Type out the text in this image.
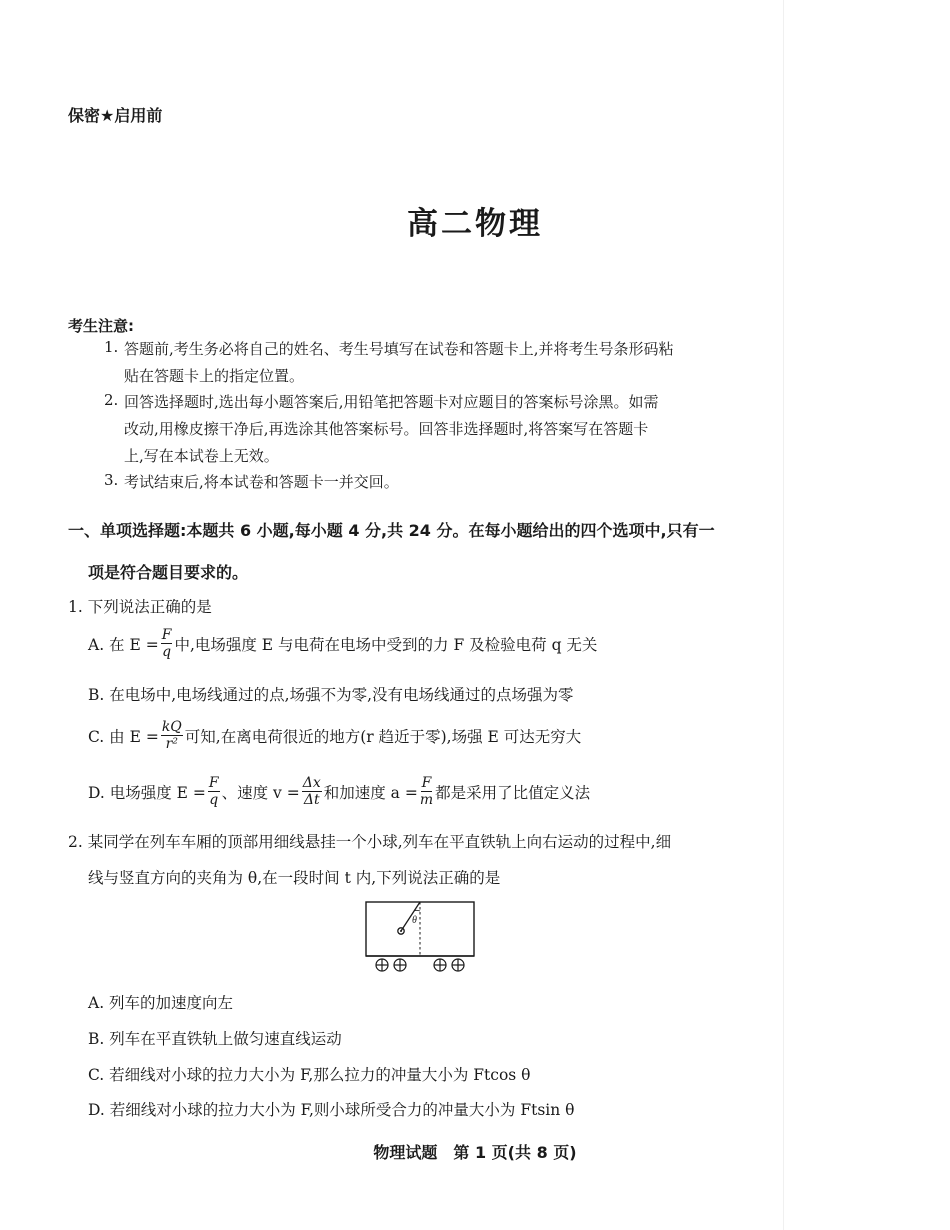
保密★启用前
高二物理
考生注意:
1. 答题前,考生务必将自己的姓名、考生号填写在试卷和答题卡上,并将考生号条形码粘
贴在答题卡上的指定位置。
2. 回答选择题时,选出每小题答案后,用铅笔把答题卡对应题目的答案标号涂黑。如需
改动,用橡皮擦干净后,再选涂其他答案标号。回答非选择题时,将答案写在答题卡
上,写在本试卷上无效。
3. 考试结束后,将本试卷和答题卡一并交回。
一、单项选择题:本题共 6 小题,每小题 4 分,共 24 分。在每小题给出的四个选项中,只有一
项是符合题目要求的。
1. 下列说法正确的是
A. 在 $E = \frac{F}{q}$ 中,电场强度 E 与电荷在电场中受到的力 F 及检验电荷 q 无关
B. 在电场中,电场线通过的点,场强不为零,没有电场线通过的点场强为零
C. 由 $E = \frac{kQ}{\text{r²}}$ 可知,在离电荷很近的地方(r 趋近于零),场强 E 可达无穷大
D. 电场强度 $E = \frac{F}{q}$ 、速度 $v = \frac{\Delta x}{\Delta t}$ 和加速度 $a = \frac{F}{m}$ 都是采用了比值定义法
2. 某同学在列车车厢的顶部用细线悬挂一个小球,列车在平直铁轨上向右运动的过程中,细
线与竖直方向的夹角为 θ,在一段时间 t 内,下列说法正确的是
θ
A. 列车的加速度向左
B. 列车在平直铁轨上做匀速直线运动
C. 若细线对小球的拉力大小为 F,那么拉力的冲量大小为 Ftcos θ
D. 若细线对小球的拉力大小为 F,则小球所受合力的冲量大小为 Ftsin θ
物理试题　第 1 页(共 8 页)
